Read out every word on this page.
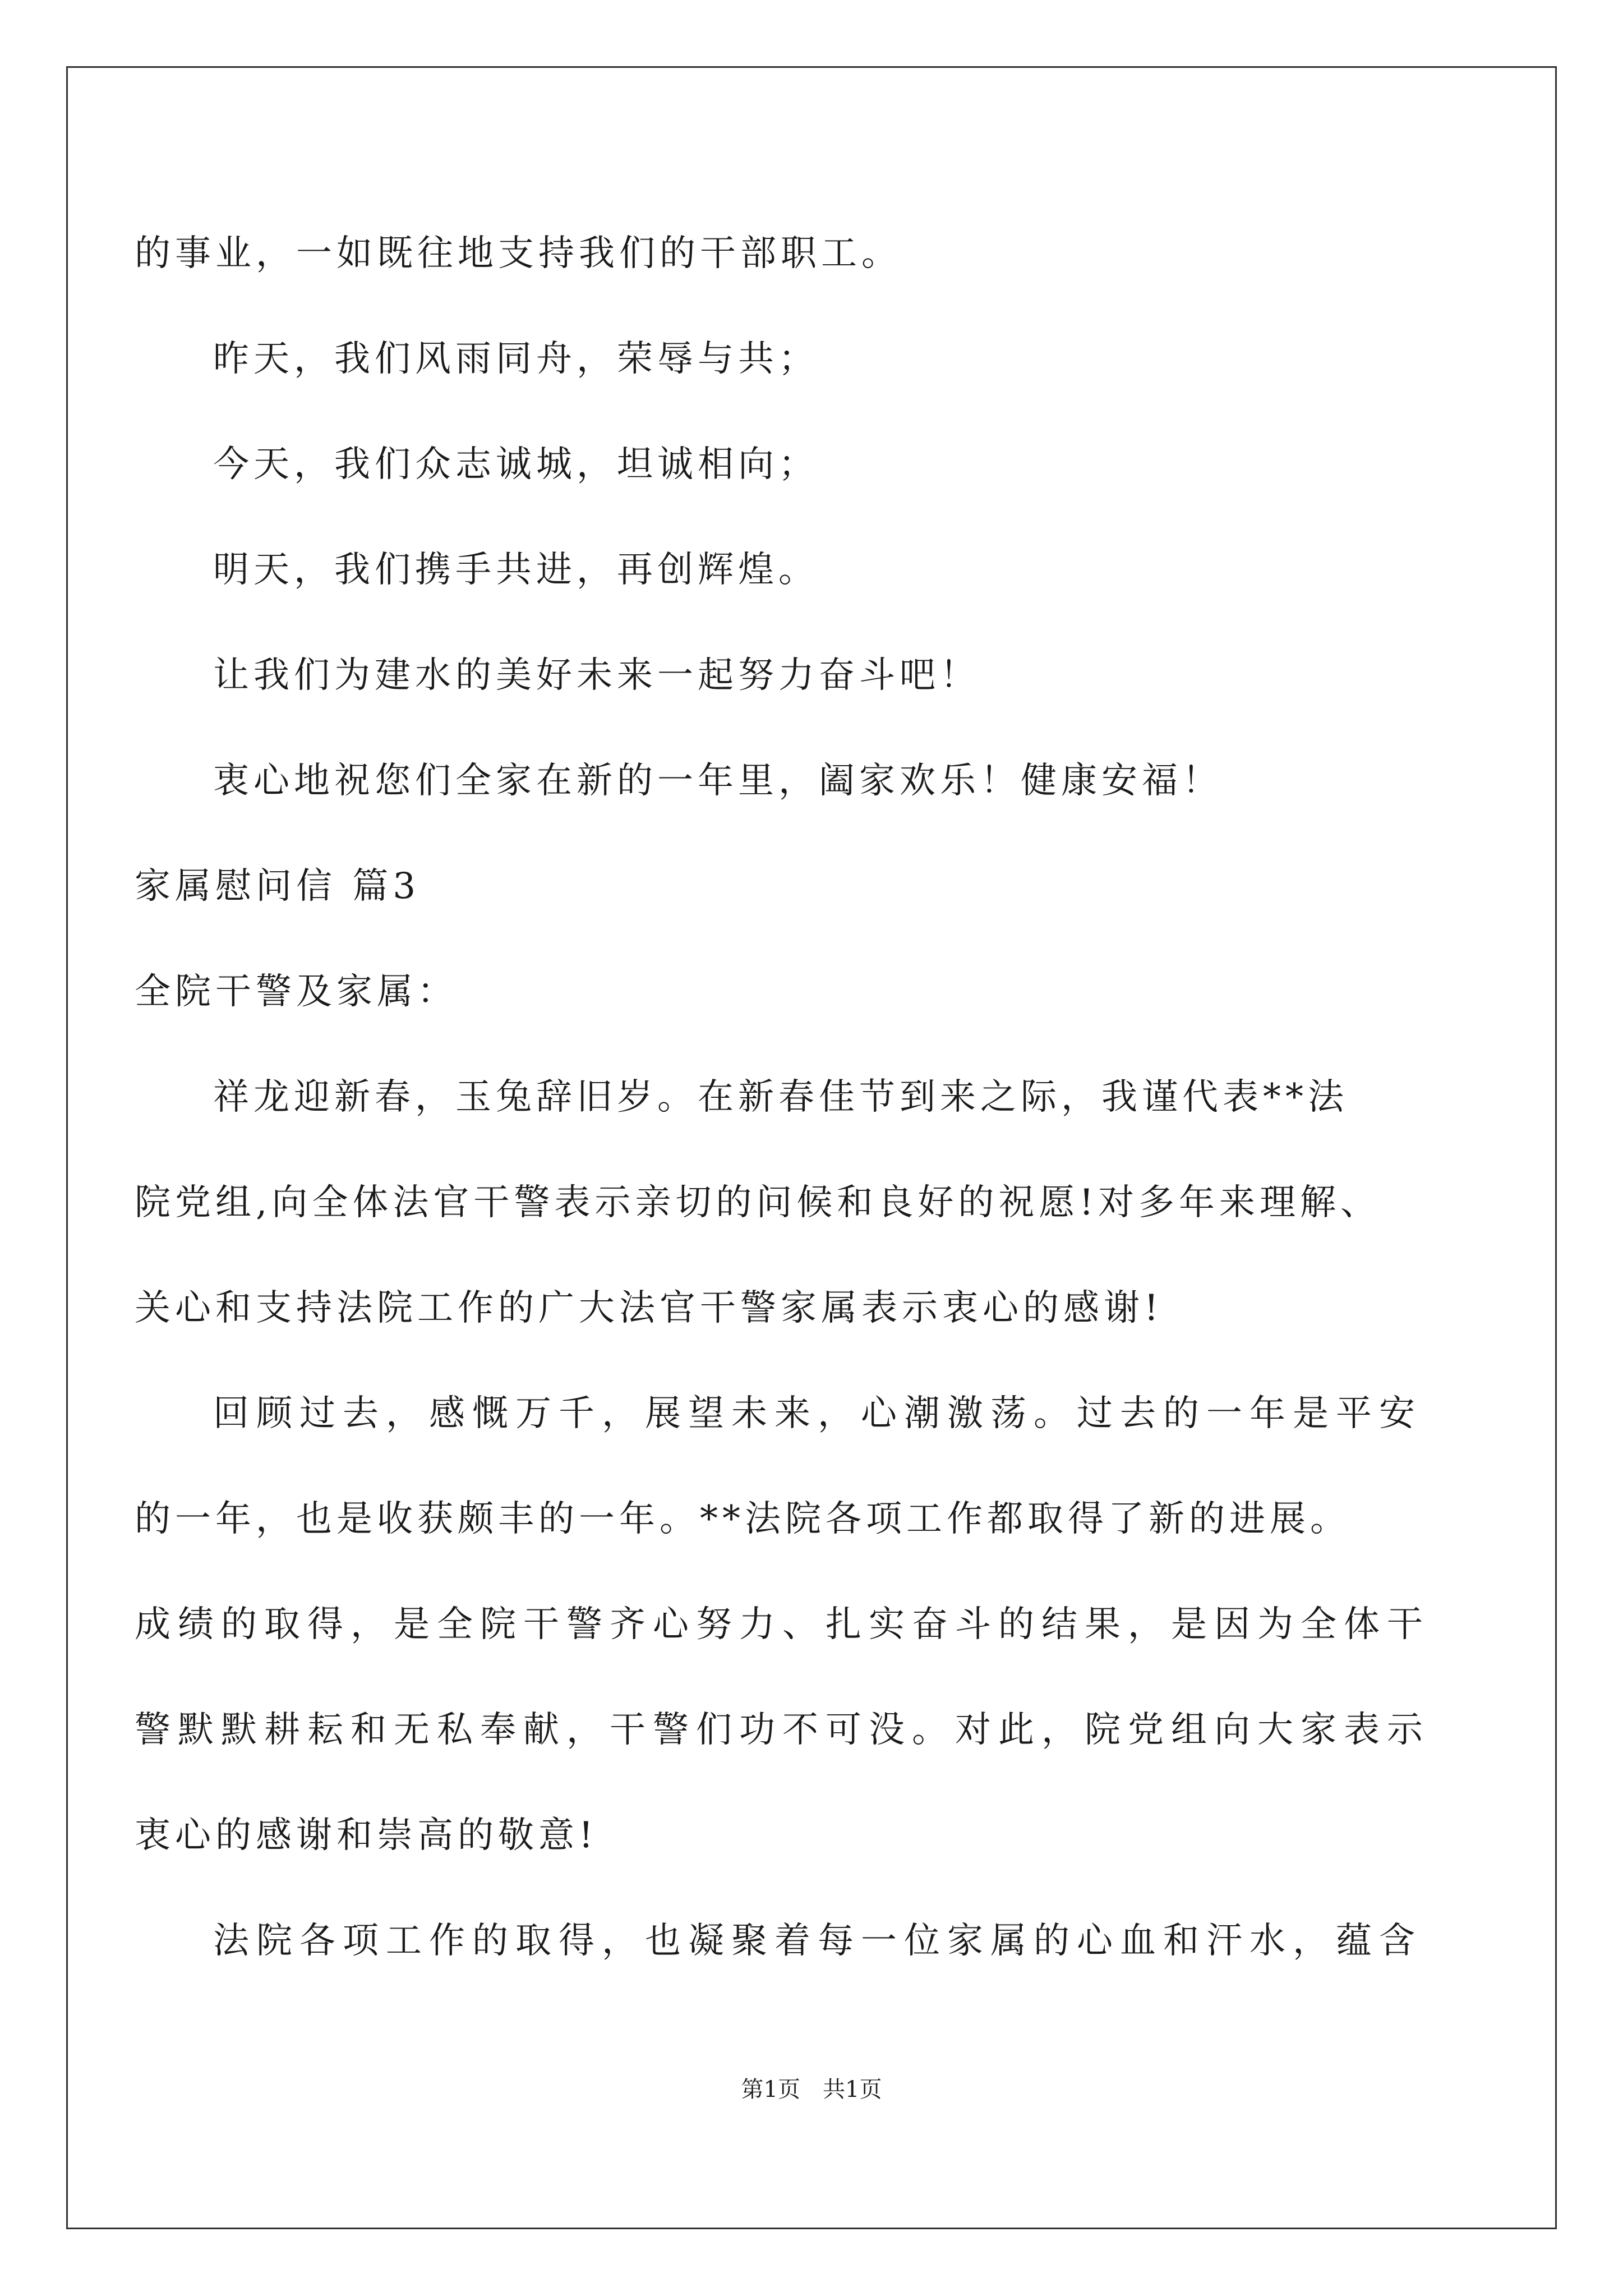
的事业，一如既往地支持我们的干部职工。
昨天，我们风雨同舟，荣辱与共；
今天，我们众志诚城，坦诚相向；
明天，我们携手共进，再创辉煌。
让我们为建水的美好未来一起努力奋斗吧！
衷心地祝您们全家在新的一年里，阖家欢乐！健康安福！
家属慰问信 篇3
全院干警及家属：
祥龙迎新春，玉兔辞旧岁。在新春佳节到来之际，我谨代表**法
院党组,向全体法官干警表示亲切的问候和良好的祝愿!对多年来理解、
关心和支持法院工作的广大法官干警家属表示衷心的感谢!
回顾过去，感慨万千，展望未来，心潮激荡。过去的一年是平安
的一年，也是收获颇丰的一年。**法院各项工作都取得了新的进展。
成绩的取得，是全院干警齐心努力、扎实奋斗的结果，是因为全体干
警默默耕耘和无私奉献，干警们功不可没。对此，院党组向大家表示
衷心的感谢和崇高的敬意!
法院各项工作的取得，也凝聚着每一位家属的心血和汗水，蕴含
第1页　共1页
